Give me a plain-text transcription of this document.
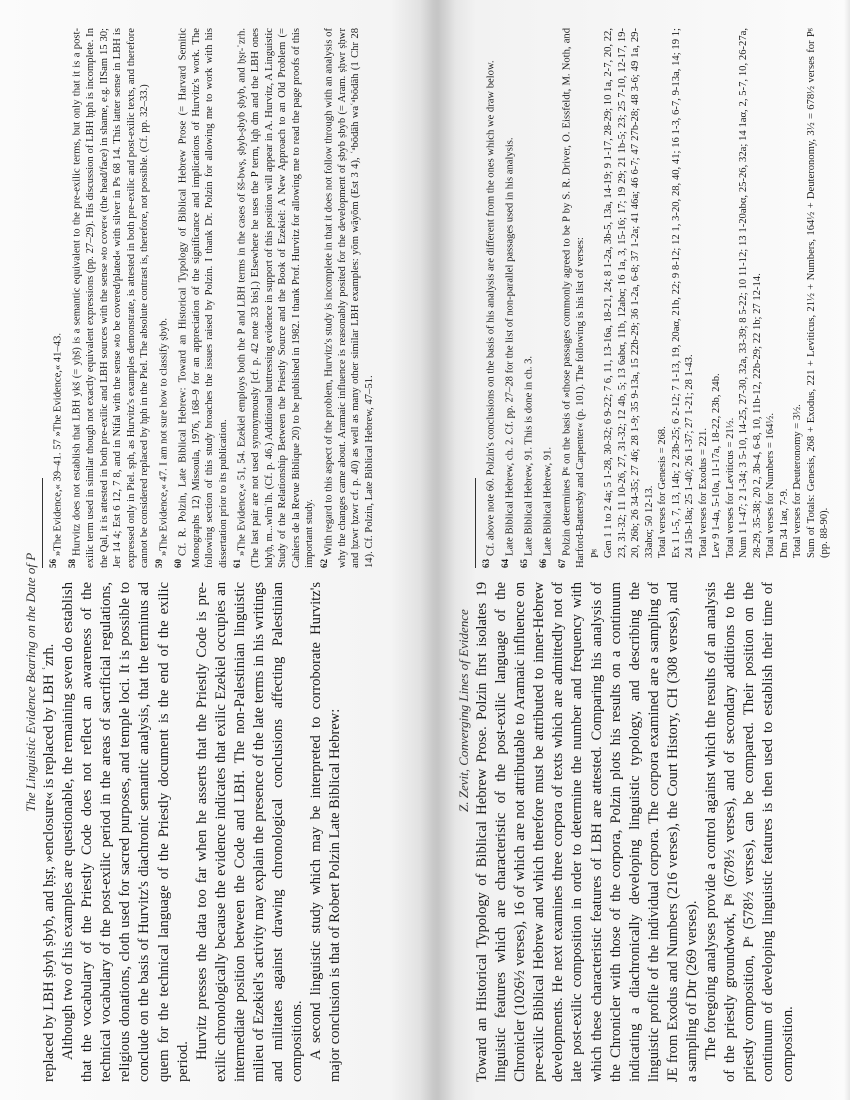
The Linguistic Evidence Bearing on the Date of P replaced by LBH ṣbyh ṣbyb, and ḥṣr, »enclosure« is replaced by LBH ʿzrh. Although two of his examples are questionable, the remaining seven do establish that the vocabulary of the Priestly Code does not reflect an awareness of the technical vocabulary of the post-exilic period in the areas of sacrificial regulations, religious donations, cloth used for sacred purposes, and temple loci. It is possible to conclude on the basis of Hurvitz's diachronic semantic analysis, that the terminus ad quem for the technical language of the Priestly document is the end of the exilic period.

Hurvitz presses the data too far when he asserts that the Priestly Code is pre-exilic chronologically because the evidence indicates that exilic Ezekiel occupies an intermediate position between the Code and LBH. The non-Palestinian linguistic milieu of Ezekiel's activity may explain the presence of the late terms in his writings and militates against drawing chronological conclusions affecting Palestinian compositions. A second linguistic study which may be interpreted to corroborate Hurvitz's major conclusion is that of Robert Polzin Late Biblical Hebrew:

$^{56}$»The Evidence,« 39–41. 57 »The Evidence,« 41–43.
$^{58}$Hurvitz does not establish that LBH ykš (= yḥš) is a semantic equivalent to the pre-exilic terms, but only that it is a post-exilic term used in similar though not exactly equivalent expressions (pp. 27–29). His discussion of LBH ḥph is incomplete. In the Qal, it is attested in both pre-exilic and LBH sources with the sense »to cover« (the head/face) in shame, e.g. IISam 15 30; Jer 14 4; Est 6 12, 7 8, and in Nifal with the sense »to be covered/plated« with silver in Ps 68 14. This latter sense in LBH is expressed only in Piel. ṣph, as Hurvitz's examples demonstrate, is attested in both pre-exilic and post-exilic texts, and therefore cannot be considered replaced by ḥph in the Piel. The absolute contrast is, therefore, not possible. (Cf. pp. 32–33.) $^{59}$»The Evidence,« 47. I am not sure how to classify ṣbyb.
$^{60}$Cf. R. Polzin, Late Biblical Hebrew: Toward an Historical Typology of Biblical Hebrew Prose (= Harvard Semitic Monographs 12) Missoula, 1976, 168–9 for an appreciation of the significance and implications of Hurvitz's work. The following section of this study broaches the issues raised by Polzin. I thank Dr. Polzin for allowing me to work with his dissertation prior to its publication. $^{61}$»The Evidence,« 51, 54. Ezekiel employs both the P and LBH terms in the cases of šš-bwṣ, ṣbyb-ṣbyb ṣbyb, and ḥṣr-ʿzrh. (The last pair are not used synonymously [cf. p. 42 note 33 bis].) Elsewhere he uses the P term, lqḥ dm and the LBH ones hdyḥ, m...wlmʿlh. (Cf. p. 46.) Additional buttressing evidence in support of this position will appear in A. Hurvitz, A Linguistic Study of the Relationship Between the Priestly Source and the Book of Ezekiel: A New Approach to an Old Problem (= Cahiers de la Revue Biblique 20) to be published in 1982. I thank Prof. Hurvitz for allowing me to read the page proofs of this important study. $^{62}$With regard to this aspect of the problem, Hurvitz's study is incomplete in that it does not follow through with an analysis of why the changes came about. Aramaic influence is reasonably posited for the development of ṣbyb ṣbyb (= Aram. ṣḥwr ṣḥwr and ḥzwr ḥzwr cf. p. 40) as well as many other similar LBH examples: yōm wāyōm (Est 3 4), ʿᵃbōdāh waʿᵃbōdāh (1 Chr 28 14). Cf. Polzin, Late Biblical Hebrew, 47–51.
Z. Zevit, Converging Lines of Evidence Toward an Historical Typology of Biblical Hebrew Prose. Polzin first isolates 19 linguistic features which are characteristic of the post-exilic language of the Chronicler (1026½ verses), 16 of which are not attributable to Aramaic influence on pre-exilic Biblical Hebrew and which therefore must be attributed to inner-Hebrew developments. He next examines three corpora of texts which are admittedly not of late post-exilic composition in order to determine the number and frequency with which these characteristic features of LBH are attested. Comparing his analysis of the Chronicler with those of the corpora, Polzin plots his results on a continuum indicating a diachronically developing linguistic typology, and describing the linguistic profile of the individual corpora. The corpora examined are a sampling of JE from Exodus and Numbers (216 verses), the Court History, CH (308 verses), and a sampling of Dtr (269 verses). The foregoing analyses provide a control against which the results of an analysis of the priestly groundwork, Pᵍ (678½ verses), and of secondary additions to the priestly composition, Pˢ (578½ verses), can be compared. Their position on the continuum of developing linguistic features is then used to establish their time of composition.

$^{63}$Cf. above note 60. Polzin's conclusions on the basis of his analysis are different from the ones which we draw below.
$^{64}$Late Biblical Hebrew, ch. 2. Cf. pp. 27–28 for the list of non-parallel passages used in his analysis.
$^{65}$Late Biblical Hebrew, 91. This is done in ch. 3.
$^{66}$Late Biblical Hebrew, 91.
$^{67}$Polzin determines Pᵍ on the basis of »those passages commonly agreed to be P by S. R. Driver, O. Eissfeldt, M. Noth, and Harford-Battersby and Carpenter« (p. 101). The following is his list of verses: Pᵍ Gen 1 1 to 2 4a; 5 1-28, 30-32; 6 9-22; 7 6, 11, 13-16a, 18-21, 24; 8 1-2a, 3b-5, 13a, 14-19; 9 1-17, 28-29; 10 1a, 2-7, 20, 22, 23, 31-32; 11 10-26, 27, 31-32; 12 4b, 5; 13 6abα, 11b, 12abα; 16 1a, 3, 15-16; 17; 19 29; 21 1b-5; 23; 25 7-10, 12-17, 19-20, 26b; 26 34-35; 27 46; 28 1-9; 35 9-13a, 15 22b-29; 36 1-2a, 6-8; 37 1-2a; 41 46a; 46 6-7; 47 27b-28; 48 3-6; 49 1a, 29-33abα; 50 12-13. Total verses for Genesis = 268. Ex 1 1-5, 7, 13, 14b; 2 23b-25; 6 2-12; 7 1-13, 19, 20aα, 21b, 22; 9 8-12; 12 1, 3-20, 28, 40, 41; 16 1-3, 6-7, 9-13a, 14; 19 1; 24 15b-18a; 25 1-40; 26 1-37; 27 1-21; 28 1-43. Total verses for Exodus = 221. Lev 9 1-4a, 5-10a, 11-17a, 18-22, 23b, 24b. Total verses for Leviticus = 21½. Num 1 1-47; 2 1-34; 3 5-10, 14-25, 27-30, 32a, 33-39; 8 5-22; 10 11-12; 13 1-20abα, 25-26, 32a; 14 1aα, 2, 5-7, 10, 26-27a, 28-29, 35-38; 20 2, 3b-4, 6-8, 10, 11b-12, 22b-29; 22 1b; 27 12-14. Total verses for Numbers = 164½. Dtn 34 1aα, 7-9. Total verses for Deuteronomy = 3½. Sum of Totals: Genesis, 268 + Exodus, 221 + Leviticus, 21½ + Numbers, 164½ + Deuteronomy, 3½ = 678½ verses for Pᵍ (pp. 88-90).
